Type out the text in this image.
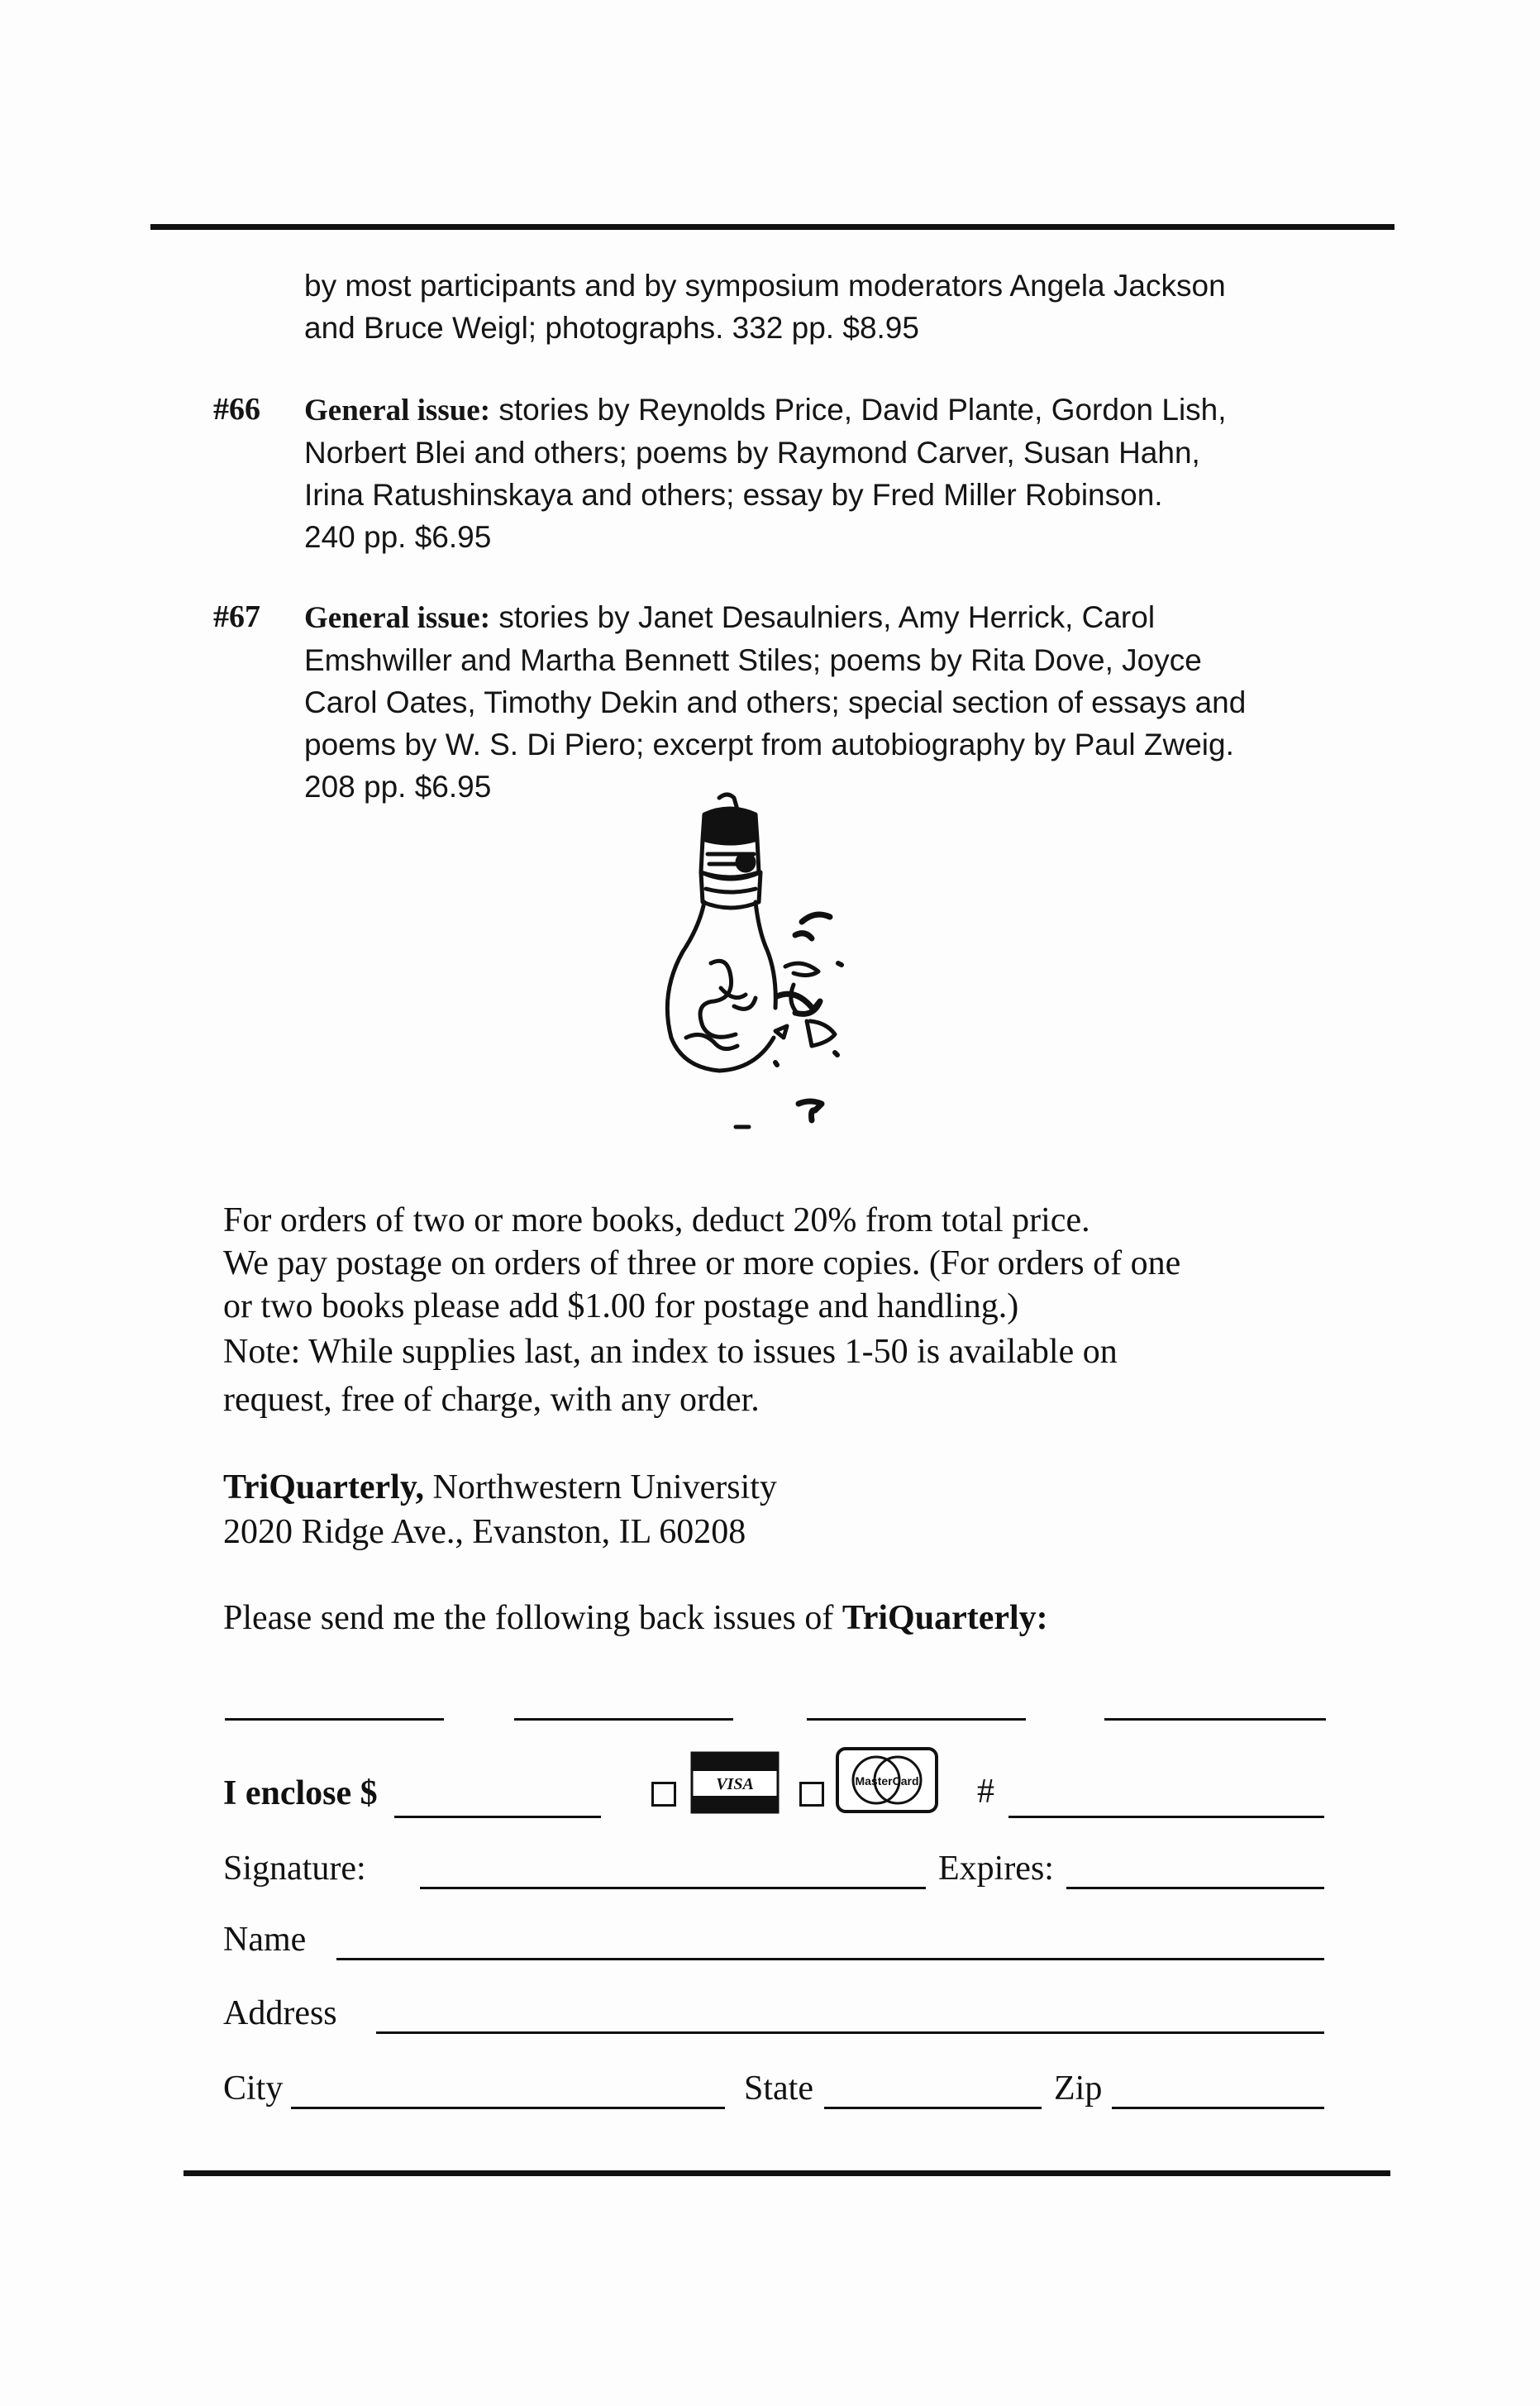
by most participants and by symposium moderators Angela Jackson

and Bruce Weigl; photographs. 332 pp. $8.95

#66 General issue: stories by Reynolds Price, David Plante, Gordon Lish,

Norbert Blei and others; poems by Raymond Carver, Susan Hahn,

Irina Ratushinskaya and others; essay by Fred Miller Robinson.

240 pp. $6.95

#67 General issue: stories by Janet Desaulniers, Amy Herrick, Carol

Emshwiller and Martha Bennett Stiles; poems by Rita Dove, Joyce

Carol Oates, Timothy Dekin and others; special section of essays and

poems by W. S. Di Piero; excerpt from autobiography by Paul Zweig.

208 pp. $6.95

For orders of two or more books, deduct 20% from total price.

We pay postage on orders of three or more copies. (For orders of one

or two books please add $1.00 for postage and handling.)

Note: While supplies last, an index to issues 1-50 is available on

request, free of charge, with any order.

TriQuarterly, Northwestern University

2020 Ridge Ave., Evanston, IL 60208

Please send me the following back issues of TriQuarterly:
I enclose $	VISA	MasterCard #
Signature:	Expires:
Name
Address
City	State	Zip
